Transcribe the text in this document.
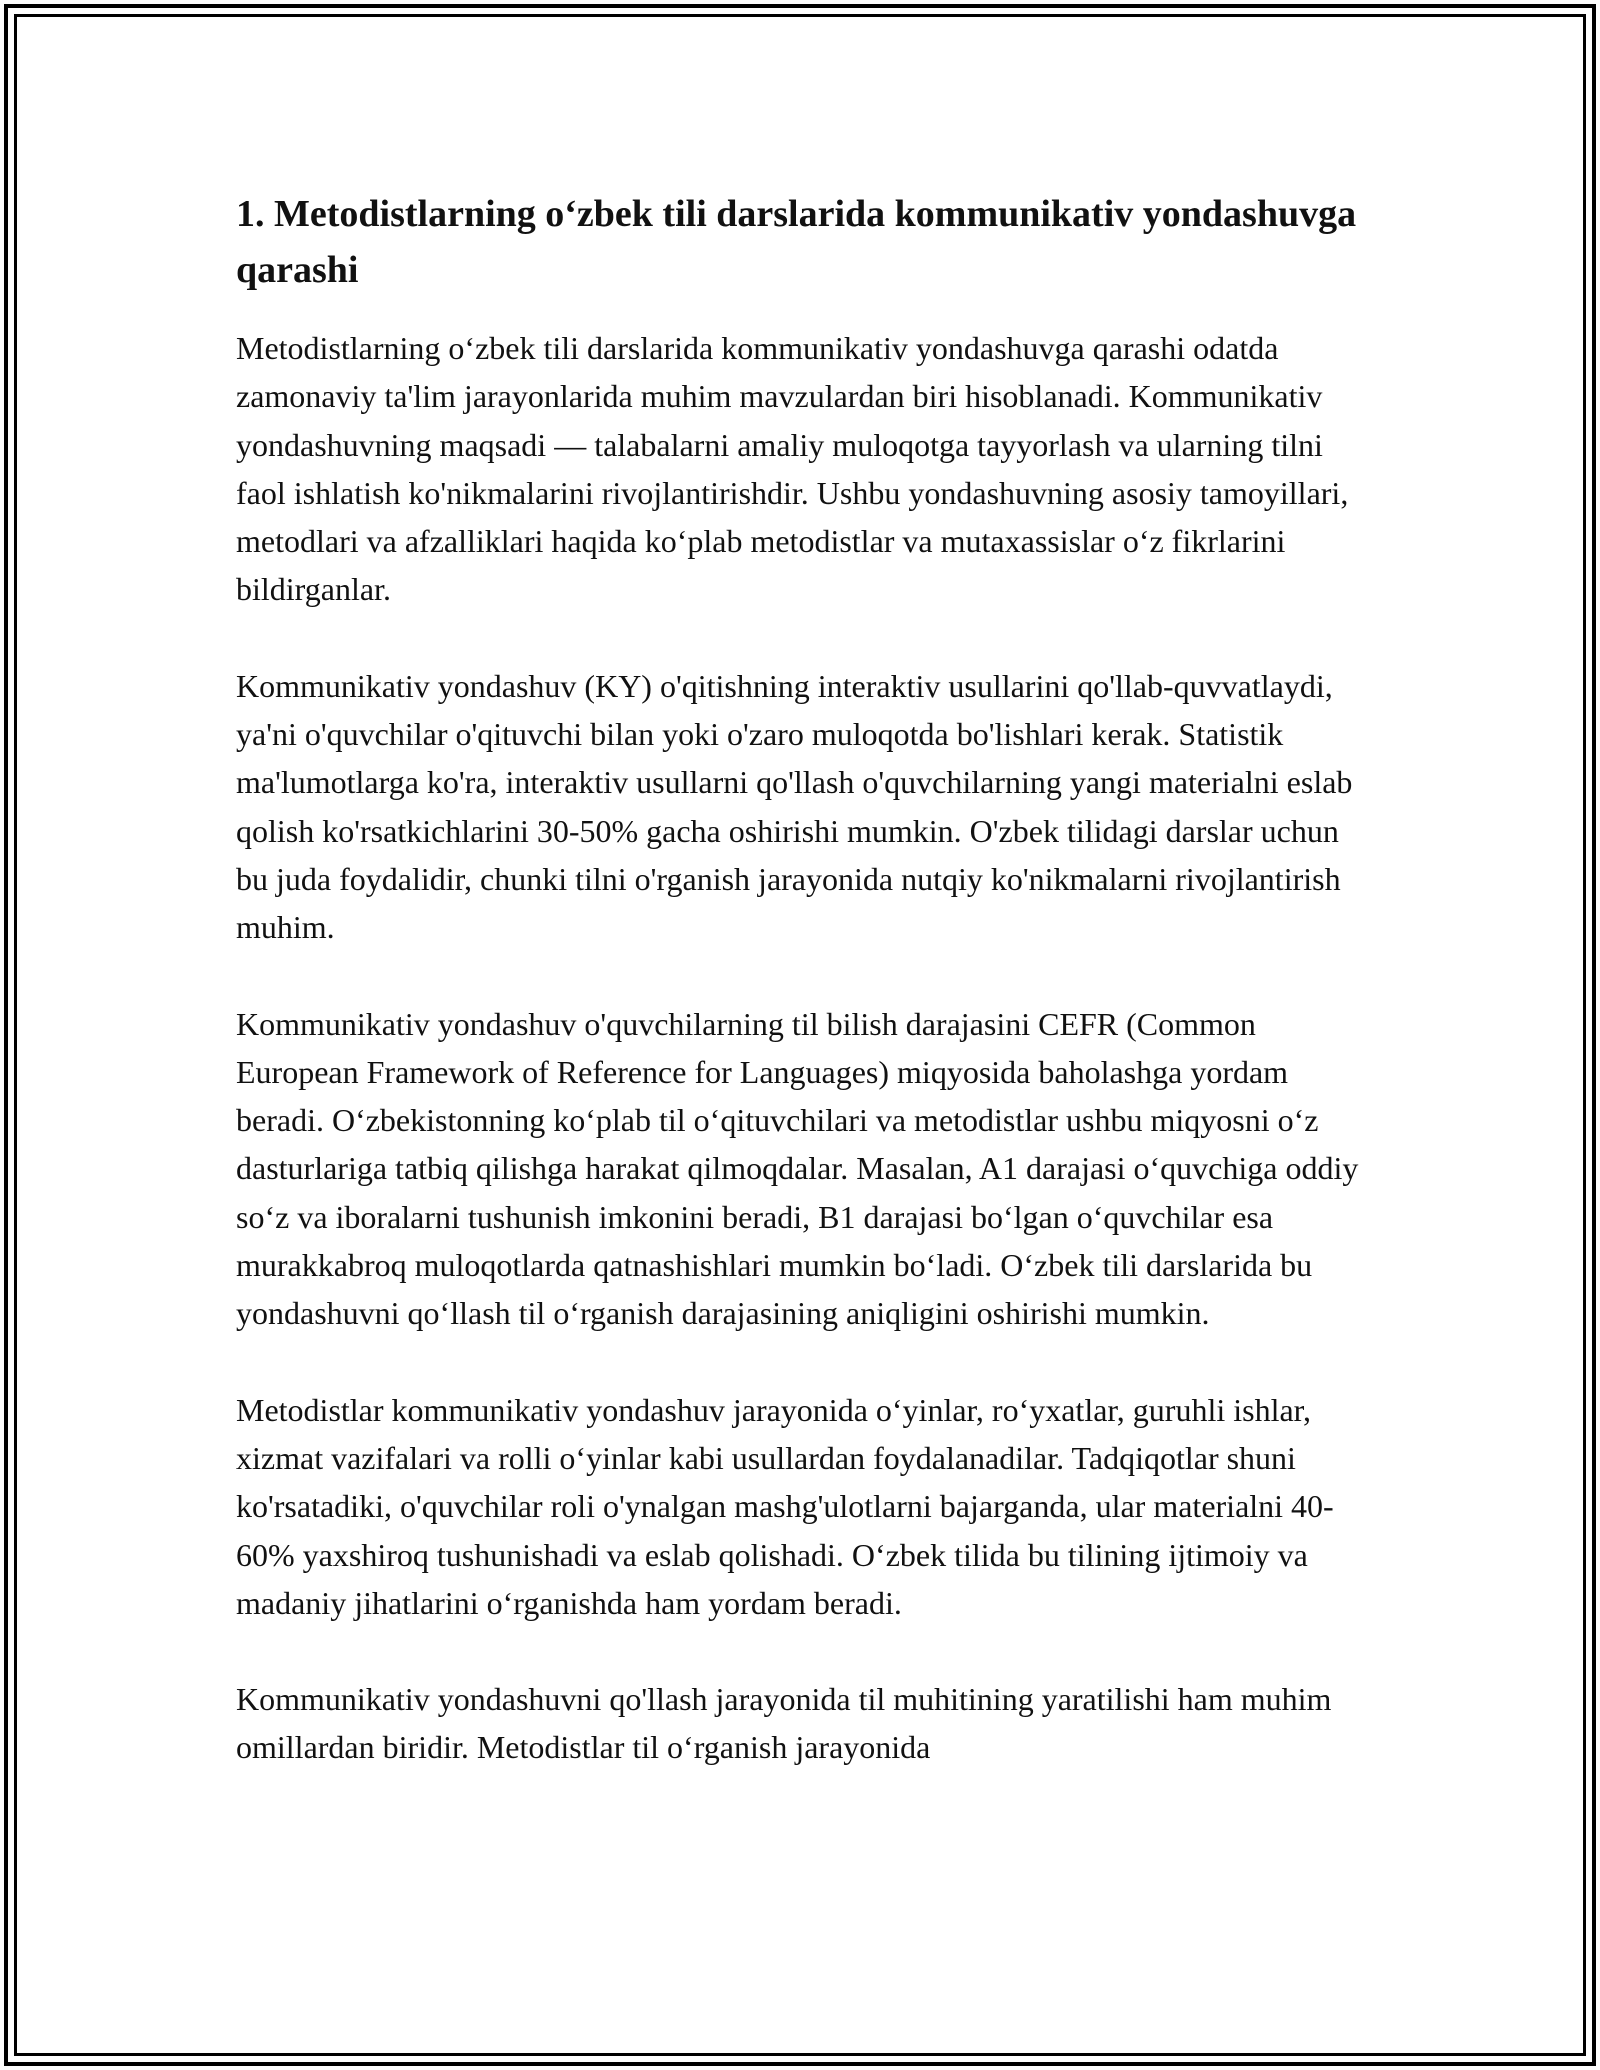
1. Metodistlarning o‘zbek tili darslarida kommunikativ yondashuvga qarashi

Metodistlarning o‘zbek tili darslarida kommunikativ yondashuvga qarashi odatda zamonaviy ta'lim jarayonlarida muhim mavzulardan biri hisoblanadi. Kommunikativ yondashuvning maqsadi — talabalarni amaliy muloqotga tayyorlash va ularning tilni faol ishlatish ko'nikmalarini rivojlantirishdir. Ushbu yondashuvning asosiy tamoyillari, metodlari va afzalliklari haqida ko‘plab metodistlar va mutaxassislar o‘z fikrlarini bildirganlar.

Kommunikativ yondashuv (KY) o'qitishning interaktiv usullarini qo'llab-quvvatlaydi, ya'ni o'quvchilar o'qituvchi bilan yoki o'zaro muloqotda bo'lishlari kerak. Statistik ma'lumotlarga ko'ra, interaktiv usullarni qo'llash o'quvchilarning yangi materialni eslab qolish ko'rsatkichlarini 30-50% gacha oshirishi mumkin. O'zbek tilidagi darslar uchun bu juda foydalidir, chunki tilni o'rganish jarayonida nutqiy ko'nikmalarni rivojlantirish muhim.

Kommunikativ yondashuv o'quvchilarning til bilish darajasini CEFR (Common European Framework of Reference for Languages) miqyosida baholashga yordam beradi. O‘zbekistonning ko‘plab til o‘qituvchilari va metodistlar ushbu miqyosni o‘z dasturlariga tatbiq qilishga harakat qilmoqdalar. Masalan, A1 darajasi o‘quvchiga oddiy so‘z va iboralarni tushunish imkonini beradi, B1 darajasi bo‘lgan o‘quvchilar esa murakkabroq muloqotlarda qatnashishlari mumkin bo‘ladi. O‘zbek tili darslarida bu yondashuvni qo‘llash til o‘rganish darajasining aniqligini oshirishi mumkin.

Metodistlar kommunikativ yondashuv jarayonida o‘yinlar, ro‘yxatlar, guruhli ishlar, xizmat vazifalari va rolli o‘yinlar kabi usullardan foydalanadilar. Tadqiqotlar shuni ko'rsatadiki, o'quvchilar roli o'ynalgan mashg'ulotlarni bajarganda, ular materialni 40-60% yaxshiroq tushunishadi va eslab qolishadi. O‘zbek tilida bu tilining ijtimoiy va madaniy jihatlarini o‘rganishda ham yordam beradi.

Kommunikativ yondashuvni qo'llash jarayonida til muhitining yaratilishi ham muhim omillardan biridir. Metodistlar til o‘rganish jarayonida
